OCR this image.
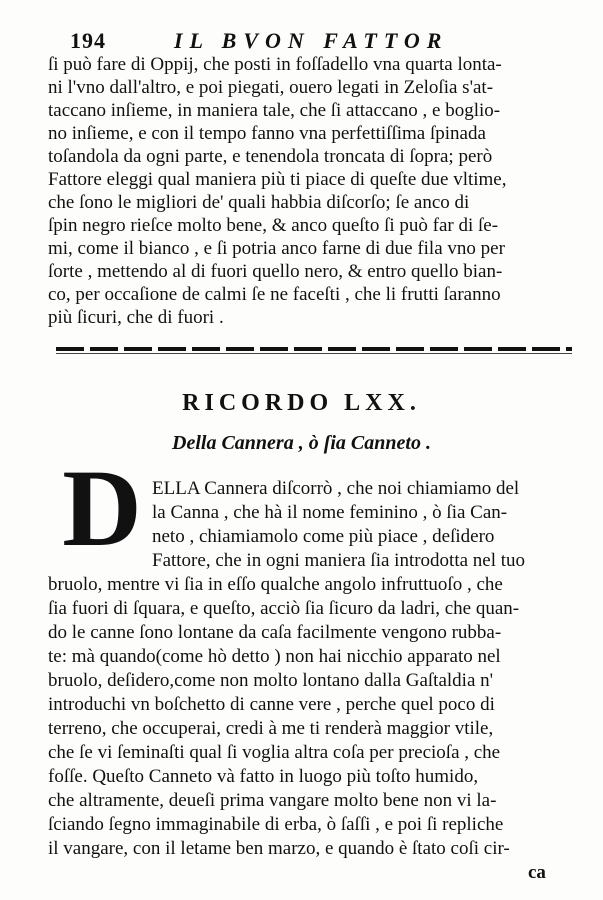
194	IL BVON FATTOR
ſi può fare di Oppij, che posti in foſſadello vna quarta lonta-
ni l'vno dall'altro, e poi piegati, ouero legati in Zeloſia s'at-
taccano inſieme, in maniera tale, che ſi attaccano , e boglio-
no inſieme, e con il tempo fanno vna perfettiſſima ſpinada
toſandola da ogni parte, e tenendola troncata di ſopra; però
Fattore eleggi qual maniera più ti piace di queſte due vltime,
che ſono le migliori de' quali habbia diſcorſo; ſe anco di
ſpin negro rieſce molto bene, & anco queſto ſi può far di ſe-
mi, come il bianco , e ſi potria anco farne di due fila vno per
ſorte , mettendo al di fuori quello nero, & entro quello bian-
co, per occaſione de calmi ſe ne faceſti , che li frutti ſaranno
più ſicuri, che di fuori .
RICORDO LXX.
Della Cannera , ò ſia Canneto .
D ELLA Cannera diſcorrò , che noi chiamiamo del
la Canna , che hà il nome feminino , ò ſia Can-
neto , chiamiamolo come più piace , deſidero
Fattore, che in ogni maniera ſia introdotta nel tuo
bruolo, mentre vi ſia in eſſo qualche angolo infruttuoſo , che
ſia fuori di ſquara, e queſto, acciò ſia ſicuro da ladri, che quan-
do le canne ſono lontane da caſa facilmente vengono rubba-
te: mà quando(come hò detto ) non hai nicchio apparato nel
bruolo, deſidero,come non molto lontano dalla Gaſtaldia n'
introduchi vn boſchetto di canne vere , perche quel poco di
terreno, che occuperai, credi à me ti renderà maggior vtile,
che ſe vi ſeminaſti qual ſi voglia altra coſa per precioſa , che
foſſe. Queſto Canneto và fatto in luogo più toſto humido,
che altramente, deueſi prima vangare molto bene non vi la-
ſciando ſegno immaginabile di erba, ò ſaſſi , e poi ſi repliche
il vangare, con il letame ben marzo, e quando è ſtato coſi cir-
ca
